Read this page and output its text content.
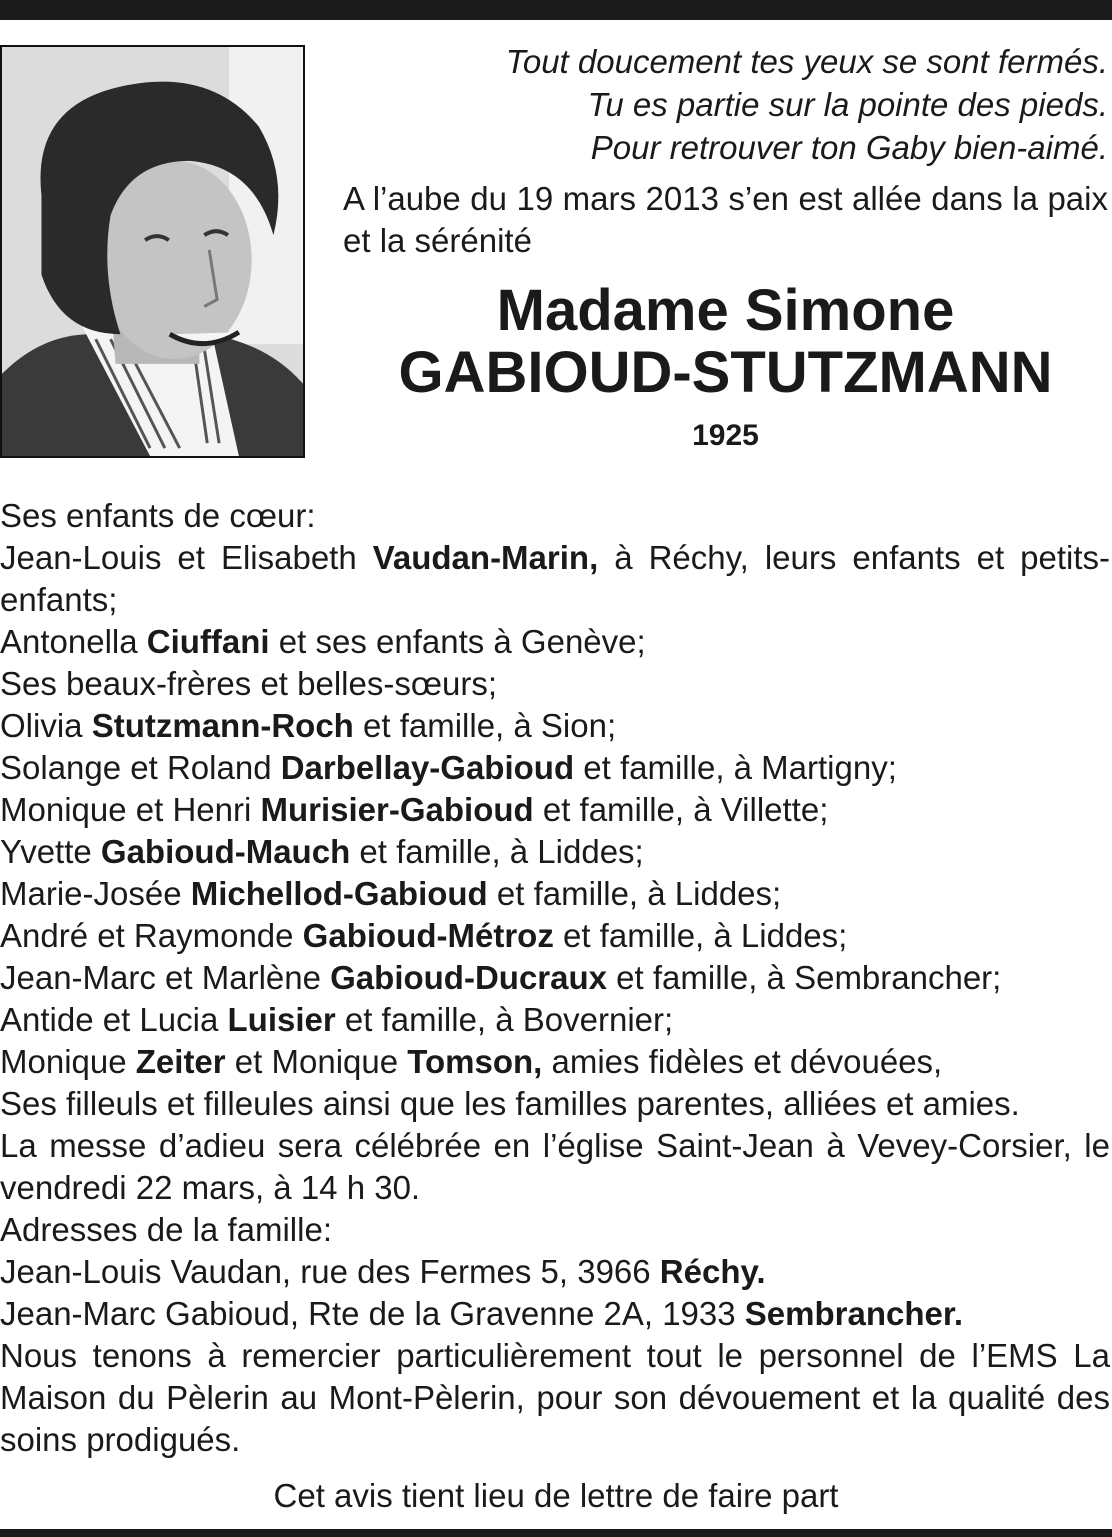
Tout doucement tes yeux se sont fermés.
Tu es partie sur la pointe des pieds.
Pour retrouver ton Gaby bien-aimé.
A l’aube du 19 mars 2013 s’en est allée dans la paix et la sérénité
Madame Simone
GABIOUD-STUTZMANN
1925

Ses enfants de cœur:

Jean-Louis et Elisabeth Vaudan-Marin, à Réchy, leurs enfants et petits-enfants;

Antonella Ciuffani et ses enfants à Genève;

Ses beaux-frères et belles-sœurs;

Olivia Stutzmann-Roch et famille, à Sion;

Solange et Roland Darbellay-Gabioud et famille, à Martigny;

Monique et Henri Murisier-Gabioud et famille, à Villette;

Yvette Gabioud-Mauch et famille, à Liddes;

Marie-Josée Michellod-Gabioud et famille, à Liddes;

André et Raymonde Gabioud-Métroz et famille, à Liddes;

Jean-Marc et Marlène Gabioud-Ducraux et famille, à Sembrancher;

Antide et Lucia Luisier et famille, à Bovernier;

Monique Zeiter et Monique Tomson, amies fidèles et dévouées,

Ses filleuls et filleules ainsi que les familles parentes, alliées et amies.

La messe d’adieu sera célébrée en l’église Saint-Jean à Vevey-Corsier, le vendredi 22 mars, à 14 h 30.

Adresses de la famille:

Jean-Louis Vaudan, rue des Fermes 5, 3966 Réchy.

Jean-Marc Gabioud, Rte de la Gravenne 2A, 1933 Sembrancher.

Nous tenons à remercier particulièrement tout le personnel de l’EMS La Maison du Pèlerin au Mont-Pèlerin, pour son dévouement et la qualité des soins prodigués.

Cet avis tient lieu de lettre de faire part
